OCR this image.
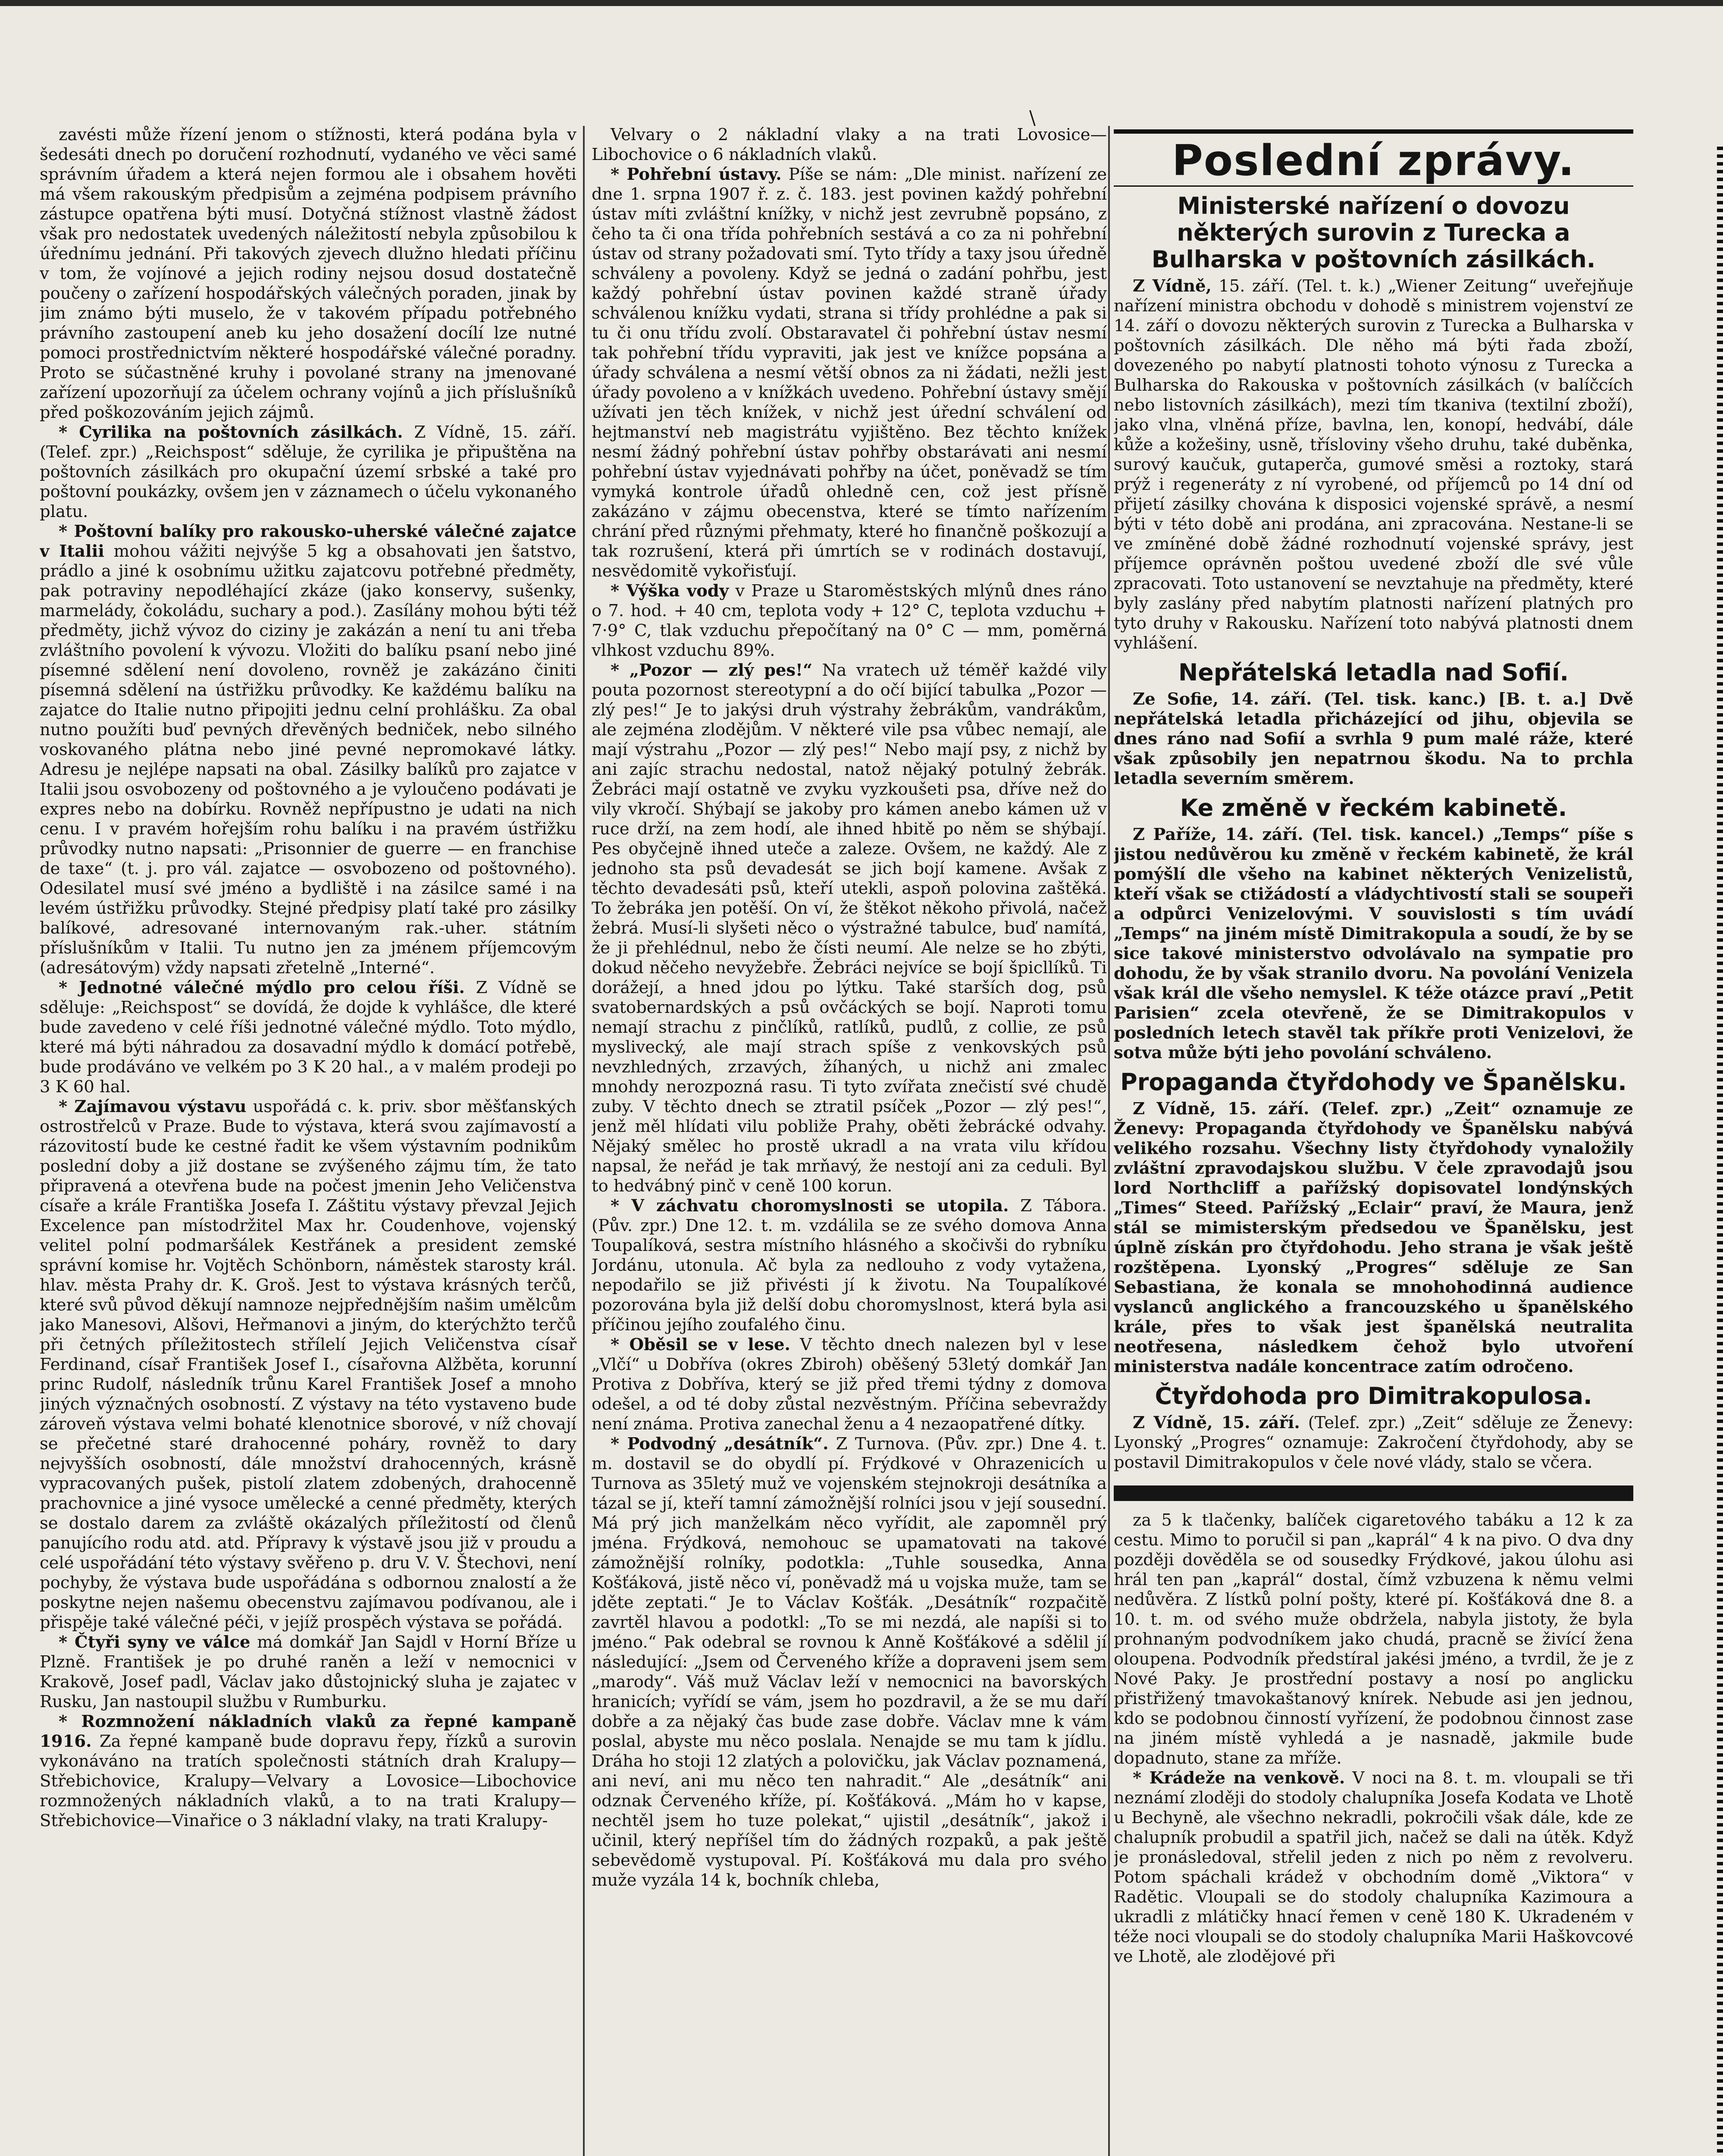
\

zavésti může řízení jenom o stížnosti, která podána byla v šedesáti dnech po doručení rozhodnutí, vydaného ve věci samé správním úřadem a která nejen formou ale i obsahem hověti má všem rakouským předpisům a zejména podpisem právního zástupce opatřena býti musí. Dotyčná stížnost vlastně žádost však pro nedostatek uvedených náležitostí nebyla způsobilou k úřednímu jednání. Při takových zjevech dlužno hledati příčinu v tom, že vojínové a jejich rodiny nejsou dosud dostatečně poučeny o zařízení hospodářských válečných poraden, jinak by jim známo býti muselo, že v takovém případu potřebného právního zastoupení aneb ku jeho dosažení docílí lze nutné pomoci prostřednictvím některé hospodářské válečné poradny. Proto se súčastněné kruhy i povolané strany na jmenované zařízení upozorňují za účelem ochrany vojínů a jich příslušníků před poškozováním jejich zájmů.

* Cyrilika na poštovních zásilkách. Z Vídně, 15. září. (Telef. zpr.) „Reichspost“ sděluje, že cyrilika je připuštěna na poštovních zásilkách pro okupační území srbské a také pro poštovní poukázky, ovšem jen v záznamech o účelu vykonaného platu.

* Poštovní balíky pro rakousko-uherské válečné zajatce v Italii mohou vážiti nejvýše 5 kg a obsahovati jen šatstvo, prádlo a jiné k osobnímu užitku zajatcovu potřebné předměty, pak potraviny nepodléhající zkáze (jako konservy, sušenky, marmelády, čokoládu, suchary a pod.). Zasílány mohou býti též předměty, jichž vývoz do ciziny je zakázán a není tu ani třeba zvláštního povolení k vývozu. Vložiti do balíku psaní nebo jiné písemné sdělení není dovoleno, rovněž je zakázáno činiti písemná sdělení na ústřižku průvodky. Ke každému balíku na zajatce do Italie nutno připojiti jednu celní prohlášku. Za obal nutno použíti buď pevných dřevěných bedniček, nebo silného voskovaného plátna nebo jiné pevné nepromokavé látky. Adresu je nejlépe napsati na obal. Zásilky balíků pro zajatce v Italii jsou osvobozeny od poštovného a je vyloučeno podávati je expres nebo na dobírku. Rovněž nepřípustno je udati na nich cenu. I v pravém hořejším rohu balíku i na pravém ústřižku průvodky nutno napsati: „Prisonnier de guerre — en franchise de taxe“ (t. j. pro vál. zajatce — osvobozeno od poštovného). Odesilatel musí své jméno a bydliště i na zásilce samé i na levém ústřižku průvodky. Stejné předpisy platí také pro zásilky balíkové, adresované internovaným rak.-uher. státním příslušníkům v Italii. Tu nutno jen za jménem příjemcovým (adresátovým) vždy napsati zřetelně „Interné“.

* Jednotné válečné mýdlo pro celou říši. Z Vídně se sděluje: „Reichspost“ se dovídá, že dojde k vyhlášce, dle které bude zavedeno v celé říši jednotné válečné mýdlo. Toto mýdlo, které má býti náhradou za dosavadní mýdlo k domácí potřebě, bude prodáváno ve velkém po 3 K 20 hal., a v malém prodeji po 3 K 60 hal.

* Zajímavou výstavu uspořádá c. k. priv. sbor měšťanských ostrostřelců v Praze. Bude to výstava, která svou zajímavostí a rázovitostí bude ke cestné řadit ke všem výstavním podnikům poslední doby a již dostane se zvýšeného zájmu tím, že tato připravená a otevřena bude na počest jmenin Jeho Veličenstva císaře a krále Františka Josefa I. Záštitu výstavy převzal Jejich Excelence pan místodržitel Max hr. Coudenhove, vojenský velitel polní podmaršálek Kestřánek a president zemské správní komise hr. Vojtěch Schönborn, náměstek starosty král. hlav. města Prahy dr. K. Groš. Jest to výstava krásných terčů, které svů původ děkují namnoze nejpřednějším našim umělcům jako Manesovi, Alšovi, Heřmanovi a jiným, do kterýchžto terčů při četných příležitostech střílelí Jejich Veličenstva císař Ferdinand, císař František Josef I., císařovna Alžběta, korunní princ Rudolf, následník trůnu Karel František Josef a mnoho jiných význačných osobností. Z výstavy na této vystaveno bude zároveň výstava velmi bohaté klenotnice sborové, v níž chovají se přečetné staré drahocenné poháry, rovněž to dary nejvyšších osobností, dále množství drahocenných, krásně vypracovaných pušek, pistolí zlatem zdobených, drahocenně prachovnice a jiné vysoce umělecké a cenné předměty, kterých se dostalo darem za zvláště okázalých příležitostí od členů panujícího rodu atd. atd. Přípravy k výstavě jsou již v proudu a celé uspořádání této výstavy svěřeno p. dru V. V. Štechovi, není pochyby, že výstava bude uspořádána s odbornou znalostí a že poskytne nejen našemu obecenstvu zajímavou podívanou, ale i přispěje také válečné péči, v jejíž prospěch výstava se pořádá.

* Čtyři syny ve válce má domkář Jan Sajdl v Horní Bříze u Plzně. František je po druhé raněn a leží v nemocnici v Krakově, Josef padl, Václav jako důstojnický sluha je zajatec v Rusku, Jan nastoupil službu v Rumburku.

* Rozmnožení nákladních vlaků za řepné kampaně 1916. Za řepné kampaně bude dopravu řepy, řízků a surovin vykonáváno na tratích společnosti státních drah Kralupy—Střebichovice, Kralupy—Velvary a Lovosice—Libochovice rozmnožených nákladních vlaků, a to na trati Kralupy—Střebichovice—Vinařice o 3 nákladní vlaky, na trati Kralupy-

Velvary o 2 nákladní vlaky a na trati Lovosice—Libochovice o 6 nákladních vlaků.

* Pohřební ústavy. Píše se nám: „Dle minist. nařízení ze dne 1. srpna 1907 ř. z. č. 183. jest povinen každý pohřební ústav míti zvláštní knížky, v nichž jest zevrubně popsáno, z čeho ta či ona třída pohřebních sestává a co za ni pohřební ústav od strany požadovati smí. Tyto třídy a taxy jsou úředně schváleny a povoleny. Když se jedná o zadání pohřbu, jest každý pohřební ústav povinen každé straně úřady schválenou knížku vydati, strana si třídy prohlédne a pak si tu či onu třídu zvolí. Obstaravatel či pohřební ústav nesmí tak pohřební třídu vypraviti, jak jest ve knížce popsána a úřady schválena a nesmí větší obnos za ni žádati, nežli jest úřady povoleno a v knížkách uvedeno. Pohřební ústavy smějí užívati jen těch knížek, v nichž jest úřední schválení od hejtmanství neb magistrátu vyjištěno. Bez těchto knížek nesmí žádný pohřební ústav pohřby obstarávati ani nesmí pohřební ústav vyjednávati pohřby na účet, poněvadž se tím vymyká kontrole úřadů ohledně cen, což jest přísně zakázáno v zájmu obecenstva, které se tímto nařízením chrání před různými přehmaty, které ho finančně poškozují a tak rozrušení, která při úmrtích se v rodinách dostavují, nesvědomitě vykořisťují.

* Výška vody v Praze u Staroměstských mlýnů dnes ráno o 7. hod. + 40 cm, teplota vody + 12° C, teplota vzduchu + 7·9° C, tlak vzduchu přepočítaný na 0° C — mm, poměrná vlhkost vzduchu 89%.

* „Pozor — zlý pes!“ Na vratech už téměř každé vily pouta pozornost stereotypní a do očí bijící tabulka „Pozor — zlý pes!“ Je to jakýsi druh výstrahy žebrákům, vandrákům, ale zejména zlodějům. V některé vile psa vůbec nemají, ale mají výstrahu „Pozor — zlý pes!“ Nebo mají psy, z nichž by ani zajíc strachu nedostal, natož nějaký potulný žebrák. Žebráci mají ostatně ve zvyku vyzkoušeti psa, dříve než do vily vkročí. Shýbají se jakoby pro kámen anebo kámen už v ruce drží, na zem hodí, ale ihned hbitě po něm se shýbají. Pes obyčejně ihned uteče a zaleze. Ovšem, ne každý. Ale z jednoho sta psů devadesát se jich bojí kamene. Avšak z těchto devadesáti psů, kteří utekli, aspoň polovina zaštěká. To žebráka jen potěší. On ví, že štěkot někoho přivolá, načež žebrá. Musí-li slyšeti něco o výstražné tabulce, buď namítá, že ji přehlédnul, nebo že čísti neumí. Ale nelze se ho zbýti, dokud něčeho nevyžebře. Žebráci nejvíce se bojí špicllíků. Ti dorážejí, a hned jdou po lýtku. Také starších dog, psů svatobernardských a psů ovčáckých se bojí. Naproti tomu nemají strachu z pinčlíků, ratlíků, pudlů, z collie, ze psů myslivecký, ale mají strach spíše z venkovských psů nevzhledných, zrzavých, žíhaných, u nichž ani zmalec mnohdy nerozpozná rasu. Ti tyto zvířata znečistí své chudě zuby. V těchto dnech se ztratil psíček „Pozor — zlý pes!“, jenž měl hlídati vilu pobliže Prahy, oběti žebrácké odvahy. Nějaký smělec ho prostě ukradl a na vrata vilu křídou napsal, že neřád je tak mrňavý, že nestojí ani za ceduli. Byl to hedvábný pinč v ceně 100 korun.

* V záchvatu choromyslnosti se utopila. Z Tábora. (Pův. zpr.) Dne 12. t. m. vzdálila se ze svého domova Anna Toupalíková, sestra místního hlásného a skočivši do rybníku Jordánu, utonula. Ač byla za nedlouho z vody vytažena, nepodařilo se již přivésti jí k životu. Na Toupalíkové pozorována byla již delší dobu choromyslnost, která byla asi příčinou jejího zoufalého činu.

* Oběsil se v lese. V těchto dnech nalezen byl v lese „Vlčí“ u Dobříva (okres Zbiroh) oběšený 53letý domkář Jan Protiva z Dobříva, který se již před třemi týdny z domova odešel, a od té doby zůstal nezvěstným. Příčina sebevraždy není známa. Protiva zanechal ženu a 4 nezaopatřené dítky.

* Podvodný „desátník“. Z Turnova. (Pův. zpr.) Dne 4. t. m. dostavil se do obydlí pí. Frýdkové v Ohrazenicích u Turnova as 35letý muž ve vojenském stejnokroji desátníka a tázal se jí, kteří tamní zámožnější rolníci jsou v její sousední. Má prý jich manželkám něco vyřídit, ale zapomněl prý jména. Frýdková, nemohouc se upamatovati na takové zámožnější rolníky, podotkla: „Tuhle sousedka, Anna Košťáková, jistě něco ví, poněvadž má u vojska muže, tam se jděte zeptati.“ Je to Václav Košťák. „Desátník“ rozpačitě zavrtěl hlavou a podotkl: „To se mi nezdá, ale napíši si to jméno.“ Pak odebral se rovnou k Anně Košťákové a sdělil jí následující: „Jsem od Červeného kříže a dopraveni jsem sem „marody“. Váš muž Václav leží v nemocnici na bavorských hranicích; vyřídí se vám, jsem ho pozdravil, a že se mu daří dobře a za nějaký čas bude zase dobře. Václav mne k vám poslal, abyste mu něco poslala. Nenajde se mu tam k jídlu. Dráha ho stoji 12 zlatých a polovičku, jak Václav poznamená, ani neví, ani mu něco ten nahradit.“ Ale „desátník“ ani odznak Červeného kříže, pí. Košťáková. „Mám ho v kapse, nechtěl jsem ho tuze polekat,“ ujistil „desátník“, jakož i učinil, který nepříšel tím do žádných rozpaků, a pak ještě sebevědomě vystupoval. Pí. Košťáková mu dala pro svého muže vyzála 14 k, bochník chleba,

Poslední zprávy.
Ministerské nařízení o dovozu některých surovin z Turecka a Bulharska v poštovních zásilkách.

Z Vídně, 15. září. (Tel. t. k.) „Wiener Zeitung“ uveřejňuje nařízení ministra obchodu v dohodě s ministrem vojenství ze 14. září o dovozu některých surovin z Turecka a Bulharska v poštovních zásilkách. Dle něho má býti řada zboží, dovezeného po nabytí platnosti tohoto výnosu z Turecka a Bulharska do Rakouska v poštovních zásilkách (v balíčcích nebo listovních zásilkách), mezi tím tkaniva (textilní zboží), jako vlna, vlněná příze, bavlna, len, konopí, hedvábí, dále kůže a kožešiny, usně, třísloviny všeho druhu, také duběnka, surový kaučuk, gutaperča, gumové směsi a roztoky, stará prýž i regeneráty z ní vyrobené, od příjemců po 14 dní od přijetí zásilky chována k disposici vojenské správě, a nesmí býti v této době ani prodána, ani zpracována. Nestane-li se ve zmíněné době žádné rozhodnutí vojenské správy, jest příjemce oprávněn poštou uvedené zboží dle své vůle zpracovati. Toto ustanovení se nevztahuje na předměty, které byly zaslány před nabytím platnosti nařízení platných pro tyto druhy v Rakousku. Nařízení toto nabývá platnosti dnem vyhlášení.

Nepřátelská letadla nad Sofií.

Ze Sofie, 14. září. (Tel. tisk. kanc.) [B. t. a.] Dvě nepřátelská letadla přicházející od jihu, objevila se dnes ráno nad Sofií a svrhla 9 pum malé ráže, které však způsobily jen nepatrnou škodu. Na to prchla letadla severním směrem.

Ke změně v řeckém kabinetě.

Z Paříže, 14. září. (Tel. tisk. kancel.) „Temps“ píše s jistou nedůvěrou ku změně v řeckém kabinetě, že král pomýšlí dle všeho na kabinet některých Venizelistů, kteří však se ctižádostí a vládychtivostí stali se soupeři a odpůrci Venizelovými. V souvislosti s tím uvádí „Temps“ na jiném místě Dimitrakopula a soudí, že by se sice takové ministerstvo odvolávalo na sympatie pro dohodu, že by však stranilo dvoru. Na povolání Venizela však král dle všeho nemyslel. K téže otázce praví „Petit Parisien“ zcela otevřeně, že se Dimitrakopulos v posledních letech stavěl tak příkře proti Venizelovi, že sotva může býti jeho povolání schváleno.

Propaganda čtyřdohody ve Španělsku.

Z Vídně, 15. září. (Telef. zpr.) „Zeit“ oznamuje ze Ženevy: Propaganda čtyřdohody ve Španělsku nabývá velikého rozsahu. Všechny listy čtyřdohody vynaložily zvláštní zpravodajskou službu. V čele zpravodajů jsou lord Northcliff a pařížský dopisovatel londýnských „Times“ Steed. Pařížský „Eclair“ praví, že Maura, jenž stál se mimisterským předsedou ve Španělsku, jest úplně získán pro čtyřdohodu. Jeho strana je však ještě rozštěpena. Lyonský „Progres“ sděluje ze San Sebastiana, že konala se mnohohodinná audience vyslanců anglického a francouzského u španělského krále, přes to však jest španělská neutralita neotřesena, následkem čehož bylo utvoření ministerstva nadále koncentrace zatím odročeno.

Čtyřdohoda pro Dimitrakopulosa.

Z Vídně, 15. září. (Telef. zpr.) „Zeit“ sděluje ze Ženevy: Lyonský „Progres“ oznamuje: Zakročení čtyřdohody, aby se postavil Dimitrakopulos v čele nové vlády, stalo se včera.

za 5 k tlačenky, balíček cigaretového tabáku a 12 k za cestu. Mimo to poručil si pan „kaprál“ 4 k na pivo. O dva dny později dověděla se od sousedky Frýdkové, jakou úlohu asi hrál ten pan „kaprál“ dostal, čímž vzbuzena k němu velmi nedůvěra. Z lístků polní pošty, které pí. Košťáková dne 8. a 10. t. m. od svého muže obdržela, nabyla jistoty, že byla prohnaným podvodníkem jako chudá, pracně se živící žena oloupena. Podvodník předstíral jakési jméno, a tvrdil, že je z Nové Paky. Je prostřední postavy a nosí po anglicku přistřižený tmavokaštanový knírek. Nebude asi jen jednou, kdo se podobnou činností vyřízení, že podobnou činnost zase na jiném místě vyhledá a je nasnadě, jakmile bude dopadnuto, stane za mříže.

* Krádeže na venkově. V noci na 8. t. m. vloupali se tři neznámí zloději do stodoly chalupníka Josefa Kodata ve Lhotě u Bechyně, ale všechno nekradli, pokročili však dále, kde ze chalupník probudil a spatřil jich, načež se dali na útěk. Když je pronásledoval, střelil jeden z nich po něm z revolveru. Potom spáchali krádež v obchodním domě „Viktora“ v Radětic. Vloupali se do stodoly chalupníka Kazimoura a ukradli z mlátičky hnací řemen v ceně 180 K. Ukradeném v téže noci vloupali se do stodoly chalupníka Marii Haškovcové ve Lhotě, ale zlodějové při
